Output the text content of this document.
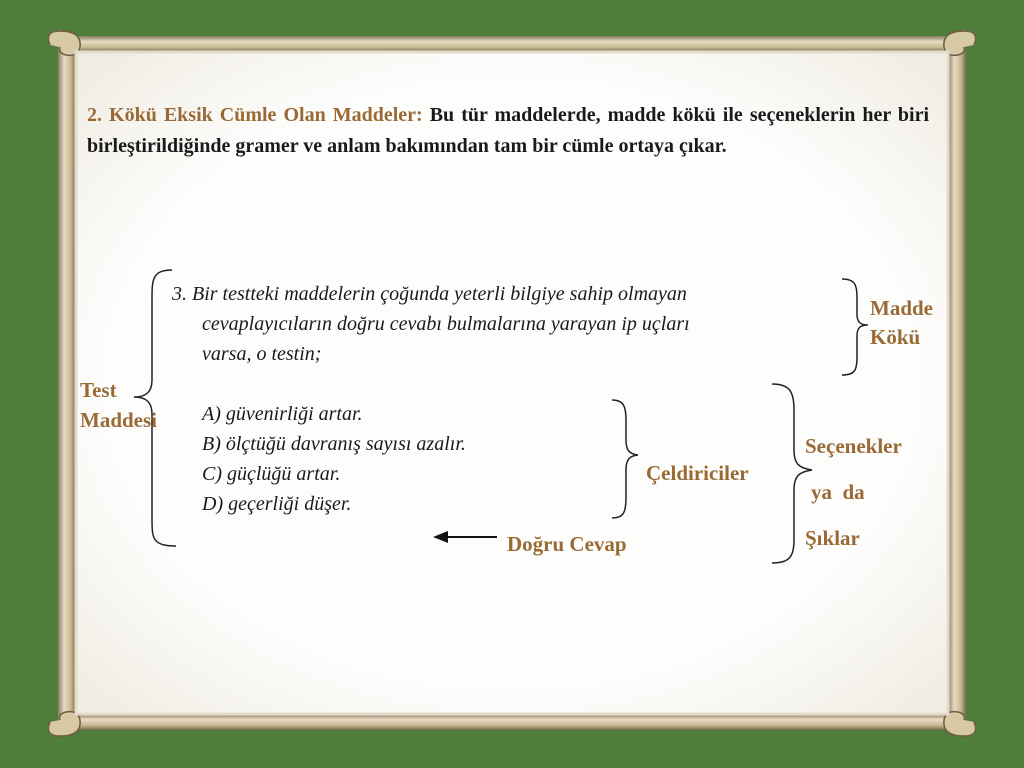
2. Kökü Eksik Cümle Olan Maddeler: Bu tür maddelerde, madde kökü ile seçeneklerin her biri birleştirildiğinde gramer ve anlam bakımından tam bir cümle ortaya çıkar.

3. Bir testteki maddelerin çoğunda yeterli bilgiye sahip olmayan
cevaplayıcıların doğru cevabı bulmalarına yarayan ip uçları
varsa, o testin;
A) güvenirliği artar.
B) ölçtüğü davranış sayısı azalır.
C) güçlüğü artar.
D) geçerliği düşer.
Test
Maddesi
Madde
Kökü
Çeldiriciler
Seçenekler
ya  da
Şıklar
Doğru Cevap
